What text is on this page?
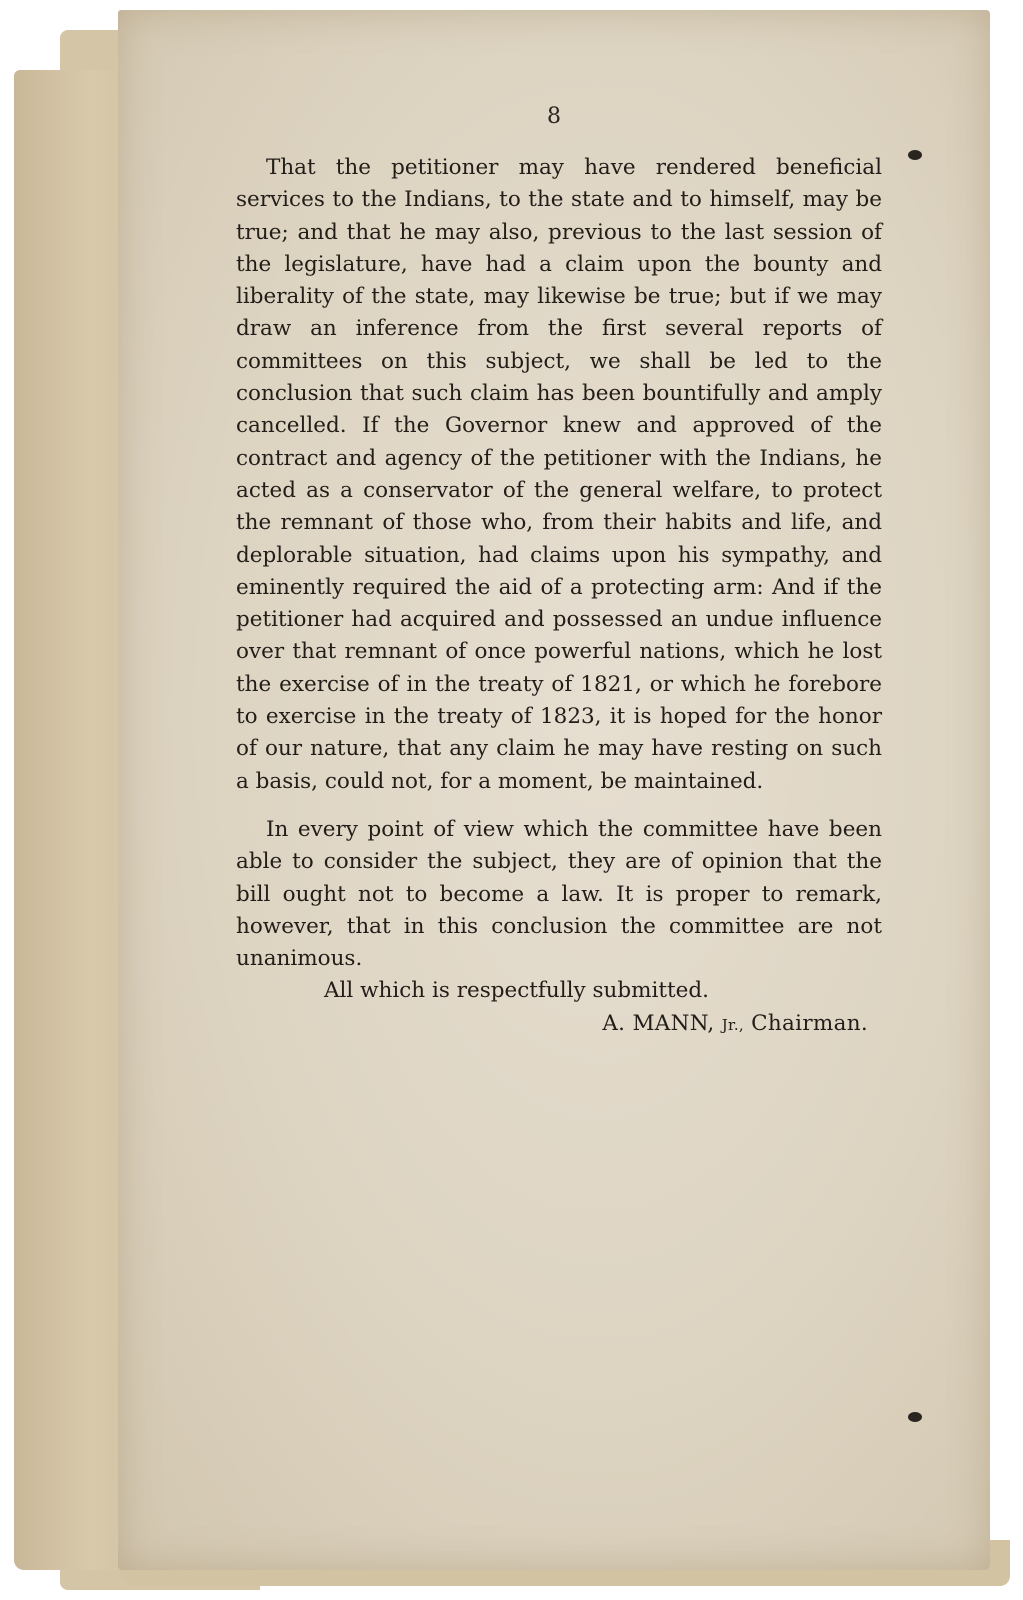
8

That the petitioner may have rendered beneficial services to the Indians, to the state and to himself, may be true; and that he may also, previous to the last session of the legislature, have had a claim upon the bounty and liberality of the state, may likewise be true; but if we may draw an inference from the first several reports of committees on this subject, we shall be led to the conclusion that such claim has been bountifully and amply cancelled. If the Governor knew and approved of the contract and agency of the petitioner with the Indians, he acted as a conservator of the general welfare, to protect the remnant of those who, from their habits and life, and deplorable situation, had claims upon his sympathy, and eminently required the aid of a protecting arm: And if the petitioner had acquired and possessed an undue influence over that remnant of once powerful nations, which he lost the exercise of in the treaty of 1821, or which he forebore to exercise in the treaty of 1823, it is hoped for the honor of our nature, that any claim he may have resting on such a basis, could not, for a moment, be maintained.

In every point of view which the committee have been able to consider the subject, they are of opinion that the bill ought not to become a law. It is proper to remark, however, that in this conclusion the committee are not unanimous.

All which is respectfully submitted.

A. MANN, Jr., Chairman.
